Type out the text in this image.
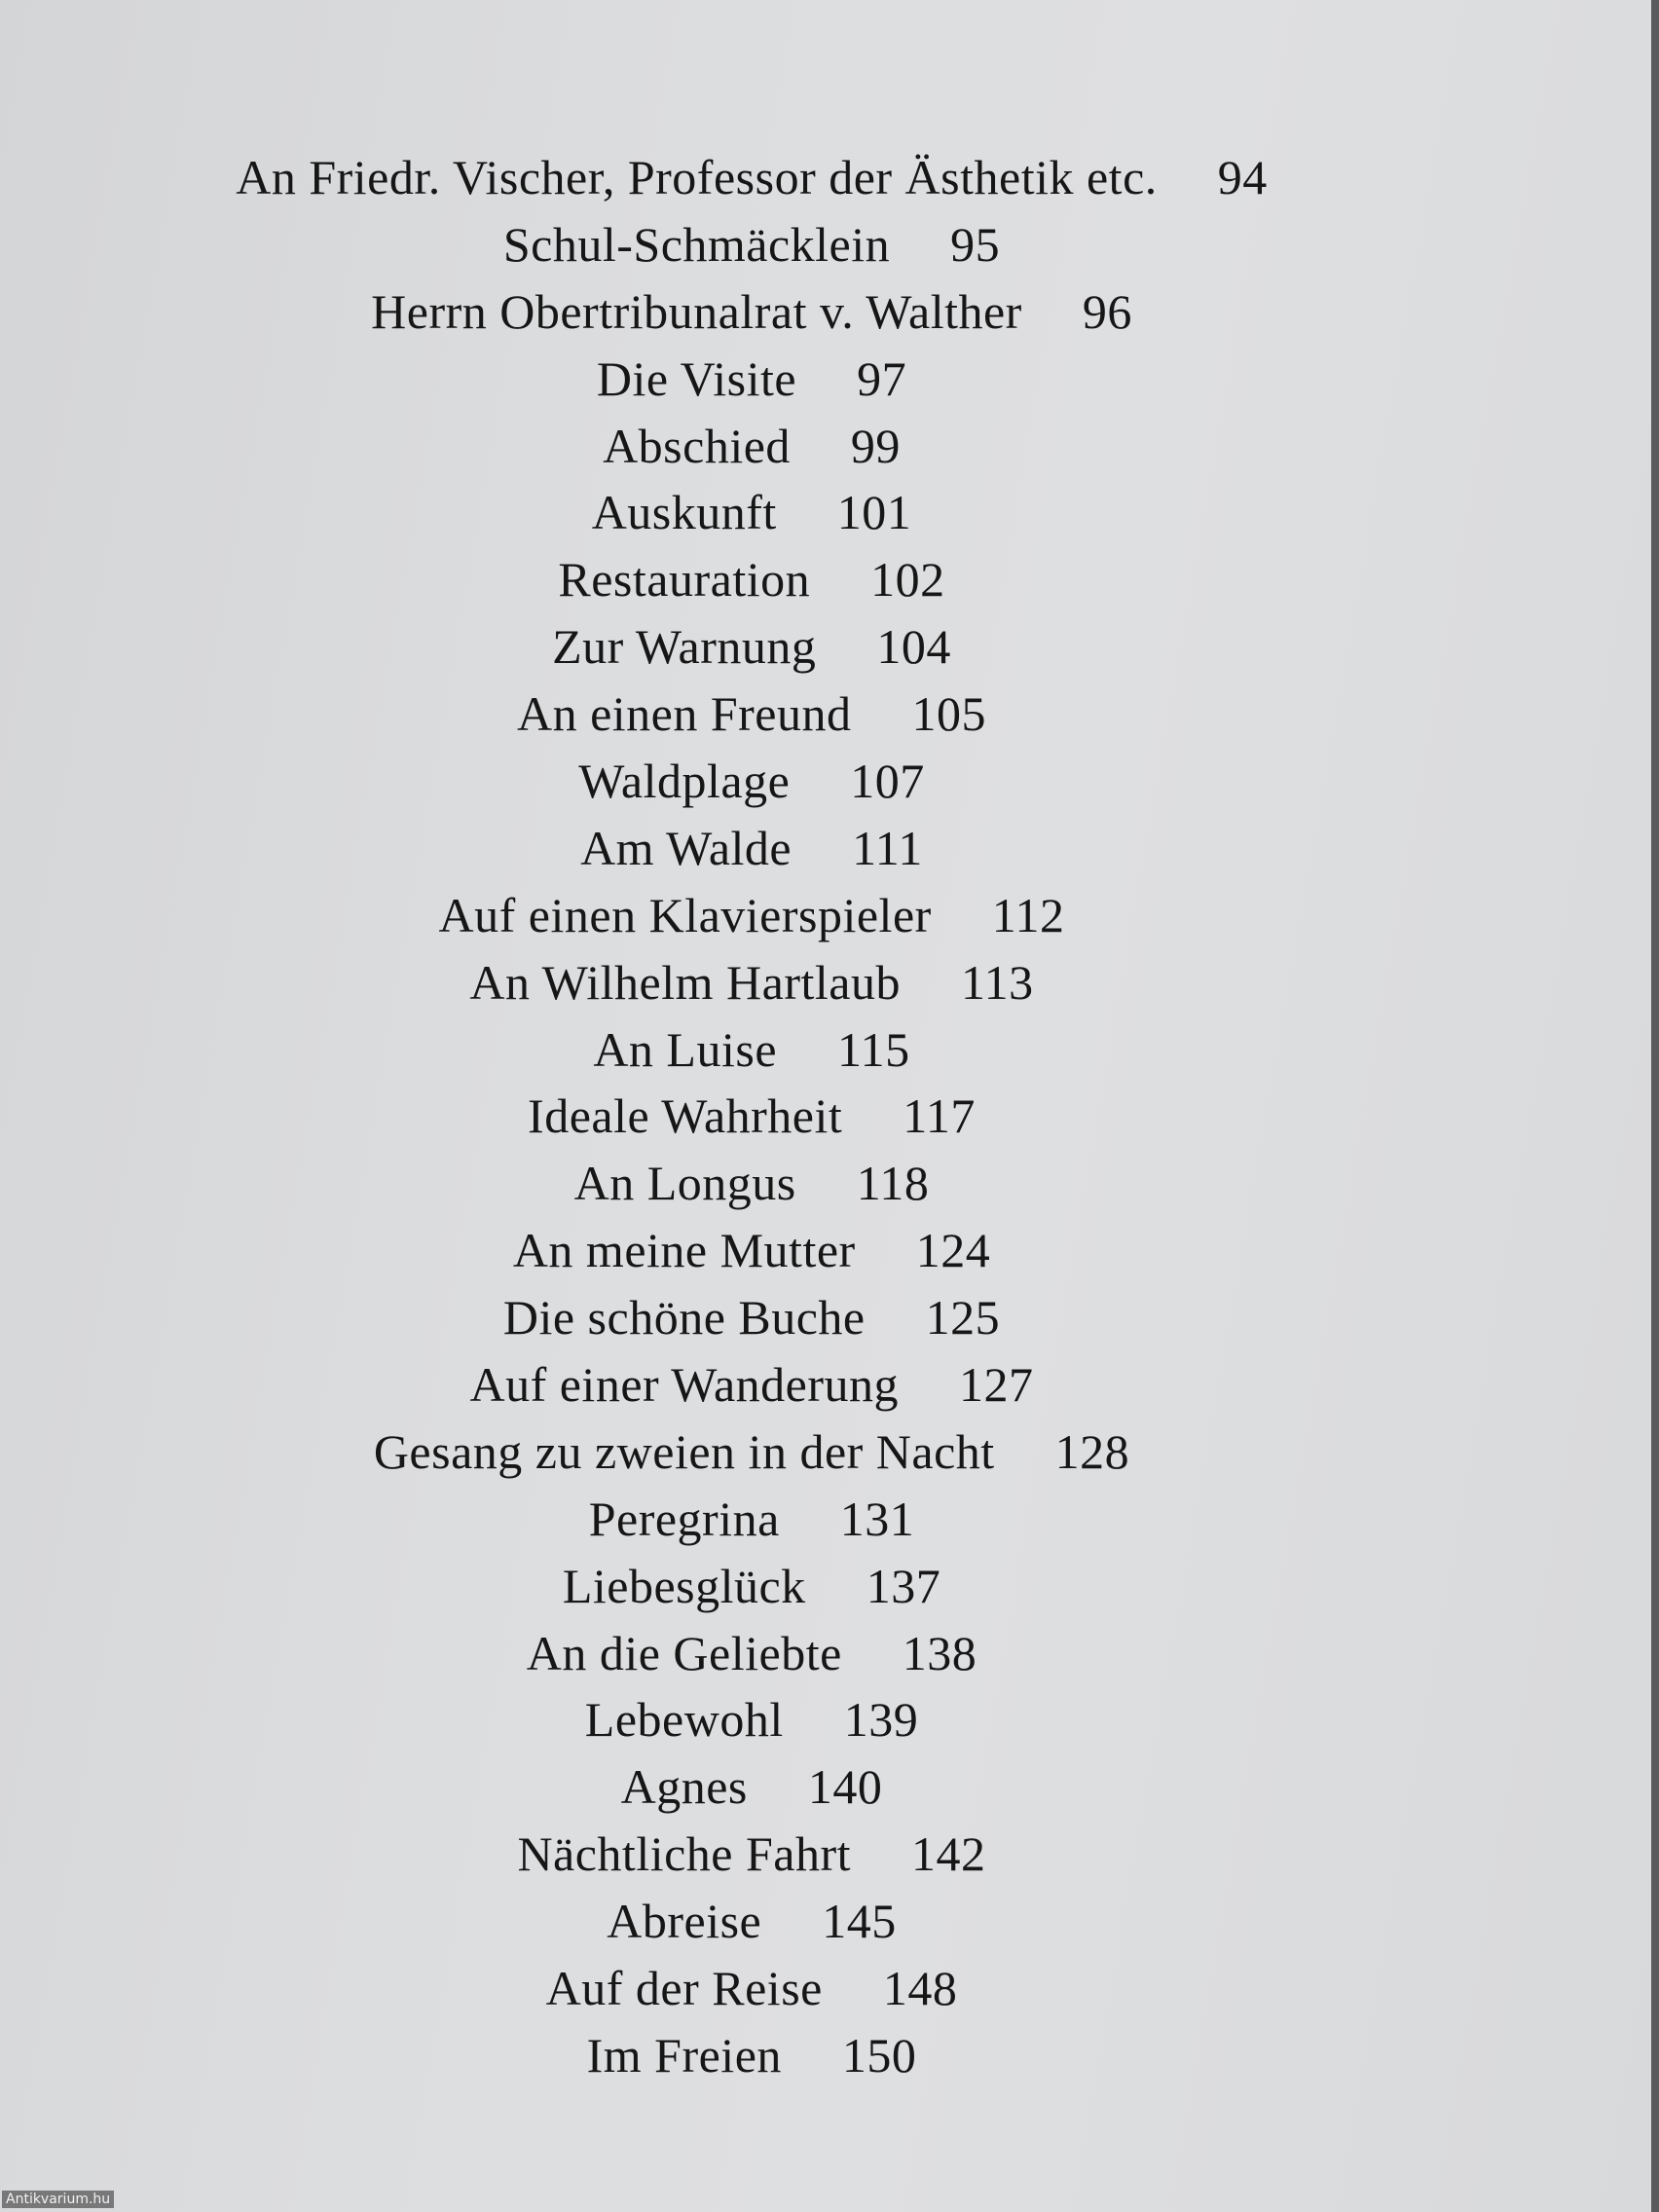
An Friedr. Vischer, Professor der Ästhetik etc. 94
Schul-Schmäcklein 95
Herrn Obertribunalrat v. Walther 96
Die Visite 97
Abschied 99
Auskunft 101
Restauration 102
Zur Warnung 104
An einen Freund 105
Waldplage 107
Am Walde 111
Auf einen Klavierspieler 112
An Wilhelm Hartlaub 113
An Luise 115
Ideale Wahrheit 117
An Longus 118
An meine Mutter 124
Die schöne Buche 125
Auf einer Wanderung 127
Gesang zu zweien in der Nacht 128
Peregrina 131
Liebesglück 137
An die Geliebte 138
Lebewohl 139
Agnes 140
Nächtliche Fahrt 142
Abreise 145
Auf der Reise 148
Im Freien 150
Antikvarium.hu
